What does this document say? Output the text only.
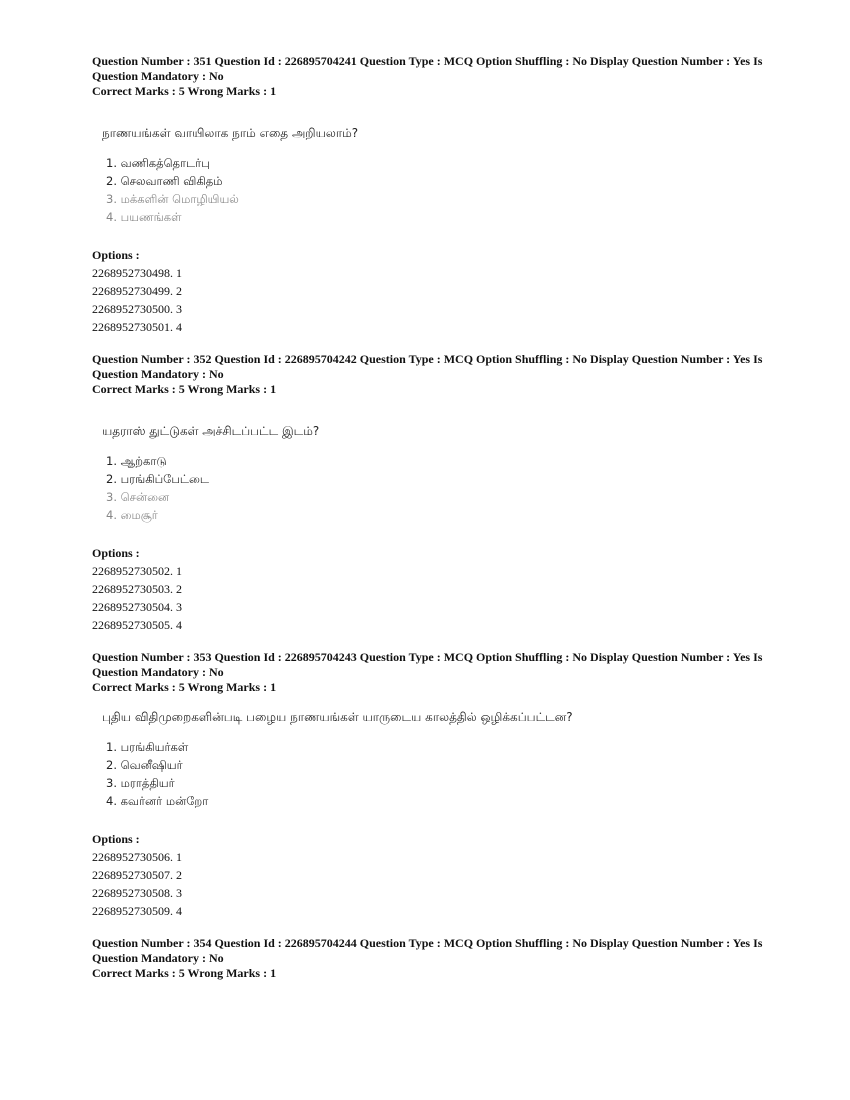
Question Number : 351 Question Id : 226895704241 Question Type : MCQ Option Shuffling : No Display Question Number : Yes Is

Question Mandatory : No

Correct Marks : 5 Wrong Marks : 1

நாணயங்கள் வாயிலாக நாம் எதை அறியலாம்?
1. வணிகத்தொடர்பு
2. செலவாணி விகிதம்
3. மக்களின் மொழியியல்
4. பயணங்கள்
Options :
2268952730498. 1
2268952730499. 2
2268952730500. 3
2268952730501. 4

Question Number : 352 Question Id : 226895704242 Question Type : MCQ Option Shuffling : No Display Question Number : Yes Is

Question Mandatory : No

Correct Marks : 5 Wrong Marks : 1

யதராஸ் துட்டுகள் அச்சிடப்பட்ட இடம்?
1. ஆற்காடு
2. பரங்கிப்பேட்டை
3. சென்னை
4. மைசூர்
Options :
2268952730502. 1
2268952730503. 2
2268952730504. 3
2268952730505. 4

Question Number : 353 Question Id : 226895704243 Question Type : MCQ Option Shuffling : No Display Question Number : Yes Is

Question Mandatory : No

Correct Marks : 5 Wrong Marks : 1

புதிய விதிமுறைகளின்படி பழைய நாணயங்கள் யாருடைய காலத்தில் ஒழிக்கப்பட்டன?
1. பரங்கியர்கள்
2. வெனீஷியர்
3. மராத்தியர்
4. கவர்னர் மன்றோ
Options :
2268952730506. 1
2268952730507. 2
2268952730508. 3
2268952730509. 4

Question Number : 354 Question Id : 226895704244 Question Type : MCQ Option Shuffling : No Display Question Number : Yes Is

Question Mandatory : No

Correct Marks : 5 Wrong Marks : 1
